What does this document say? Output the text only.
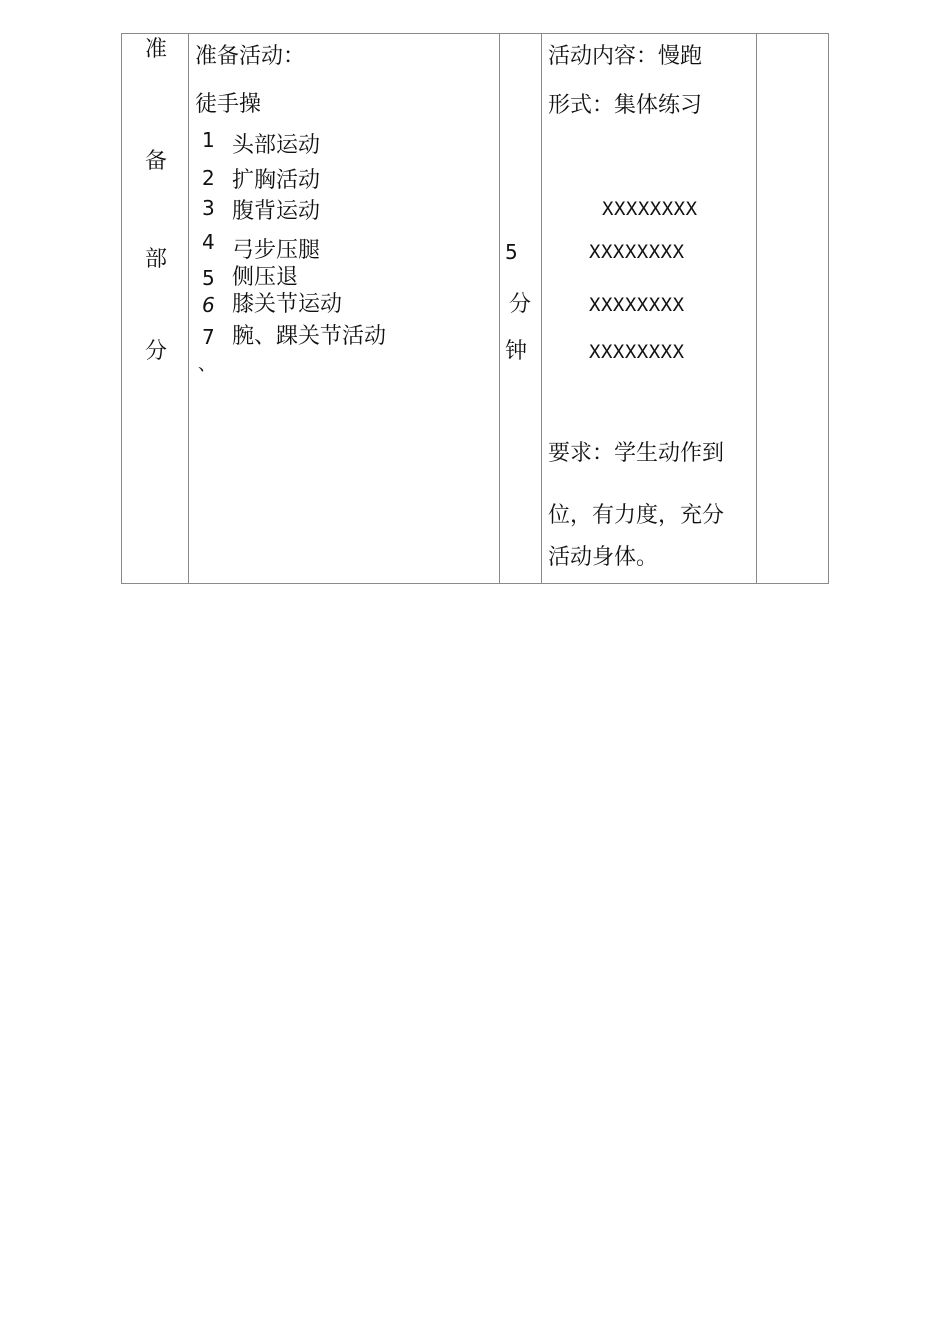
准
备
部
分
准备活动：
徒手操
1 头部运动
2 扩胸活动
3 腹背运动
4 弓步压腿
5 侧压退
6 膝关节运动
7 腕、踝关节活动
、
5
分
钟
活动内容：慢跑
形式：集体练习
XXXXXXXX
XXXXXXXX
XXXXXXXX
XXXXXXXX
要求：学生动作到
位，有力度，充分
活动身体。
